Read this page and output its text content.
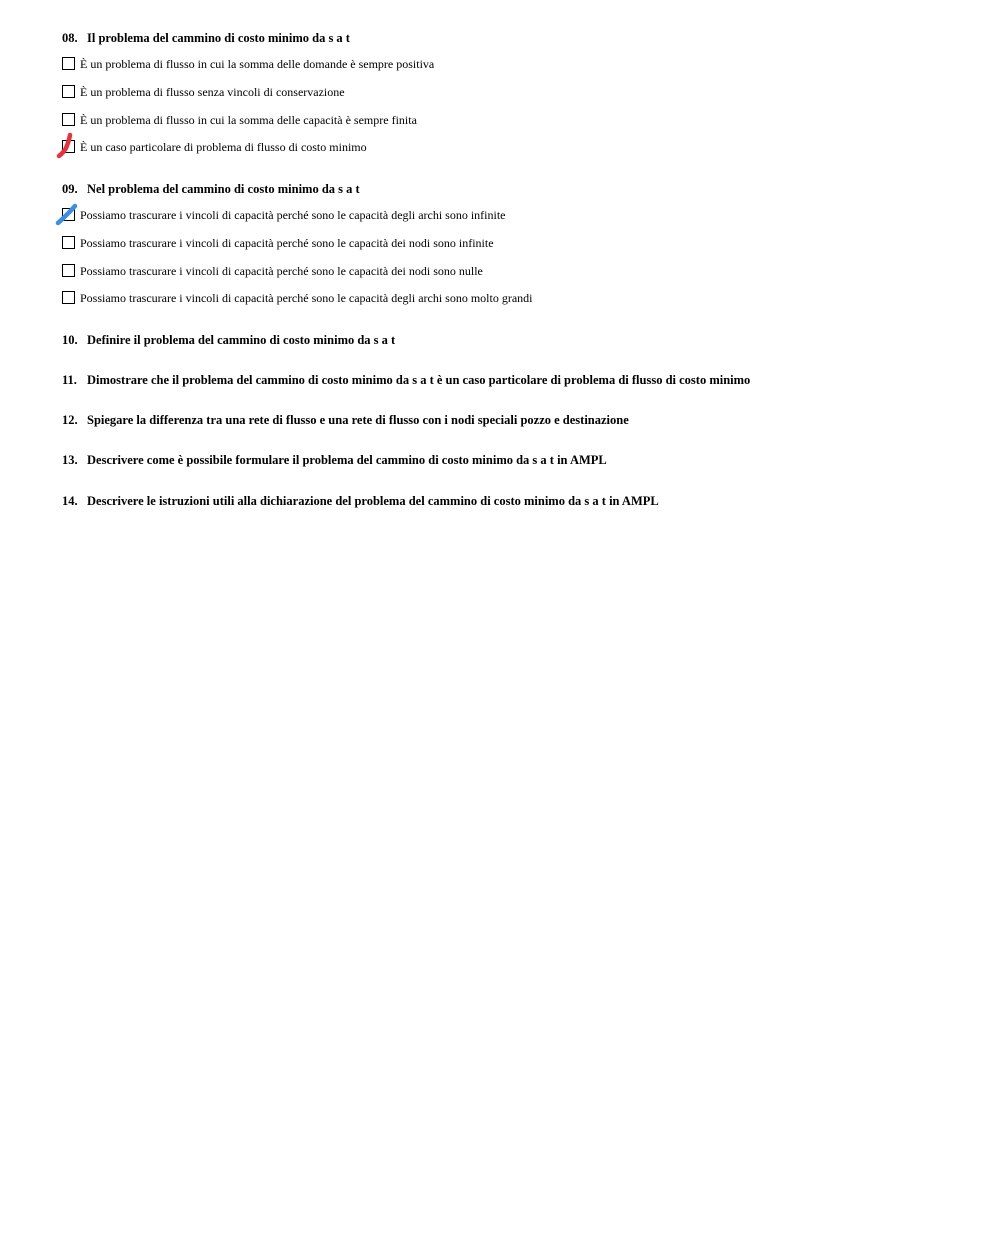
08. Il problema del cammino di costo minimo da s a t
È un problema di flusso in cui la somma delle domande è sempre positiva
È un problema di flusso senza vincoli di conservazione
È un problema di flusso in cui la somma delle capacità è sempre finita
È un caso particolare di problema di flusso di costo minimo
09. Nel problema del cammino di costo minimo da s a t
Possiamo trascurare i vincoli di capacità perché sono le capacità degli archi sono infinite
Possiamo trascurare i vincoli di capacità perché sono le capacità dei nodi sono infinite
Possiamo trascurare i vincoli di capacità perché sono le capacità dei nodi sono nulle
Possiamo trascurare i vincoli di capacità perché sono le capacità degli archi sono molto grandi
10. Definire il problema del cammino di costo minimo da s a t
11. Dimostrare che il problema del cammino di costo minimo da s a t è un caso particolare di problema di flusso di costo minimo
12. Spiegare la differenza tra una rete di flusso e una rete di flusso con i nodi speciali pozzo e destinazione
13. Descrivere come è possibile formulare il problema del cammino di costo minimo da s a t in AMPL
14. Descrivere le istruzioni utili alla dichiarazione del problema del cammino di costo minimo da s a t in AMPL
